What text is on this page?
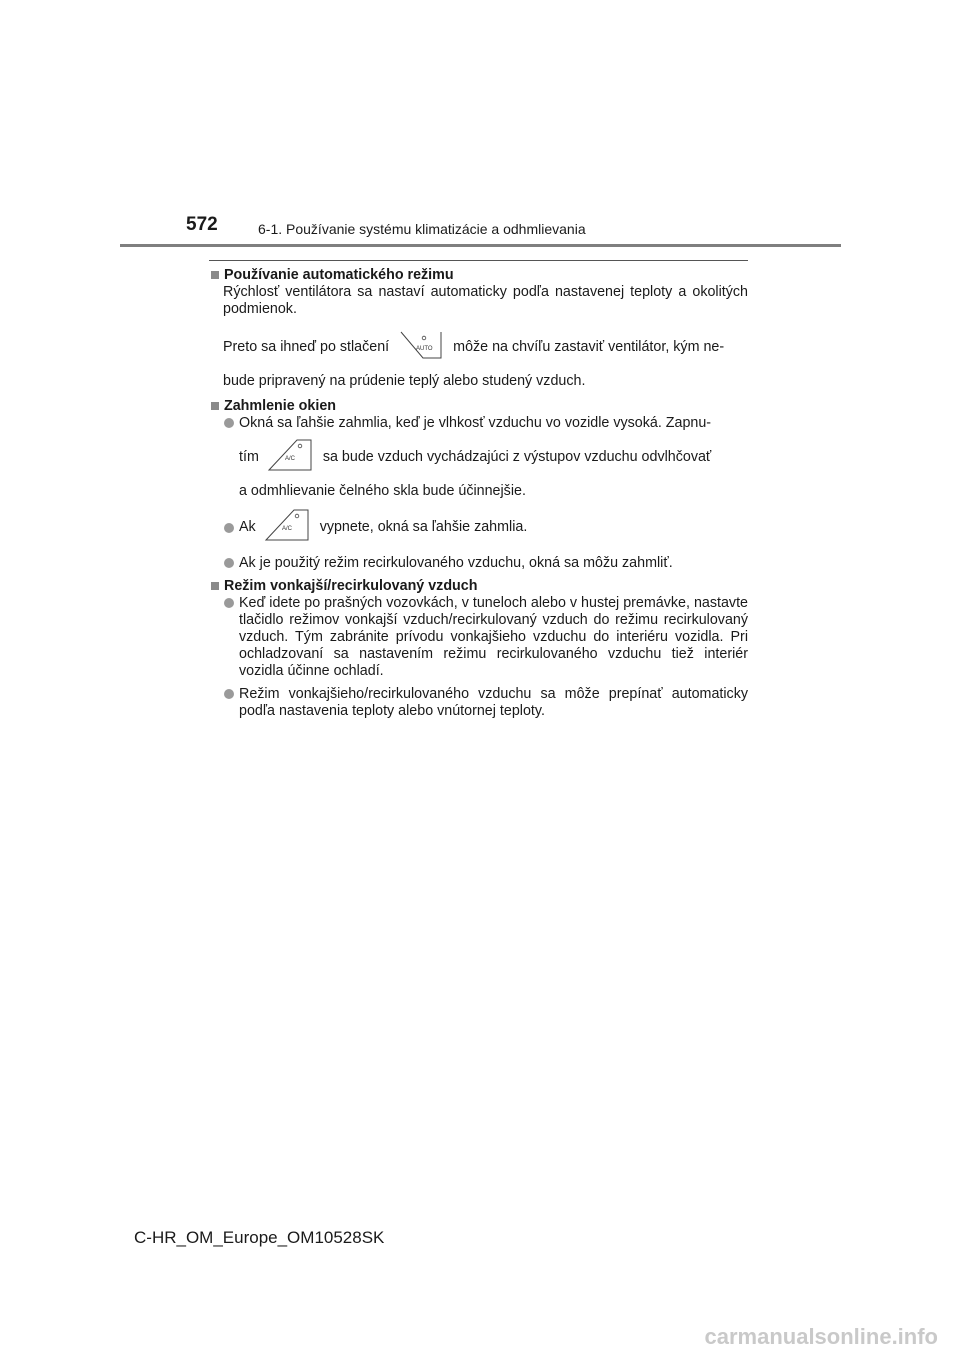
572	6-1. Používanie systému klimatizácie a odhmlievania
Používanie automatického režimu
Rýchlosť ventilátora sa nastaví automaticky podľa nastavenej teploty a okolitých podmienok.
Preto sa ihneď po stlačení	AUTO môže na chvíľu zastaviť ventilátor, kým ne-
bude pripravený na prúdenie teplý alebo studený vzduch.
Zahmlenie okien
Okná sa ľahšie zahmlia, keď je vlhkosť vzduchu vo vozidle vysoká. Zapnu-
tím	A/C sa bude vzduch vychádzajúci z výstupov vzduchu odvlhčovať
a odmhlievanie čelného skla bude účinnejšie.
Ak	A/C vypnete, okná sa ľahšie zahmlia.
Ak je použitý režim recirkulovaného vzduchu, okná sa môžu zahmliť.
Režim vonkajší/recirkulovaný vzduch
Keď idete po prašných vozovkách, v tuneloch alebo v hustej premávke, nastavte tlačidlo režimov vonkajší vzduch/recirkulovaný vzduch do režimu recirkulovaný vzduch. Tým zabránite prívodu vonkajšieho vzduchu do interiéru vozidla. Pri ochladzovaní sa nastavením režimu recirkulovaného vzduchu tiež interiér vozidla účinne ochladí.
Režim vonkajšieho/recirkulovaného vzduchu sa môže prepínať automaticky podľa nastavenia teploty alebo vnútornej teploty.
C-HR_OM_Europe_OM10528SK
carmanualsonline.info
